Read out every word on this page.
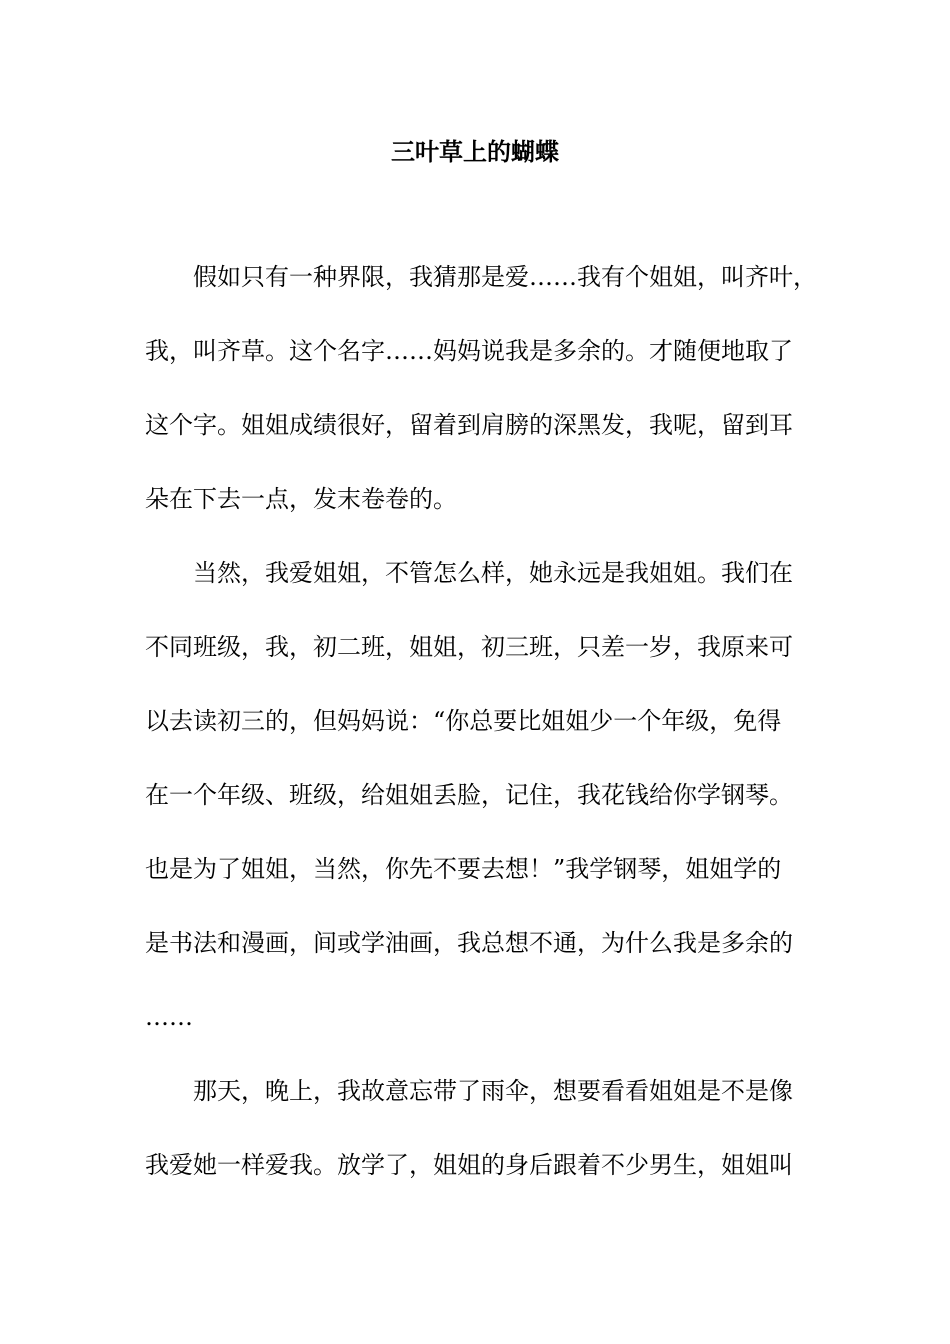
三叶草上的蝴蝶
假如只有一种界限，我猜那是爱……我有个姐姐，叫齐叶，
我，叫齐草。这个名字……妈妈说我是多余的。才随便地取了
这个字。姐姐成绩很好，留着到肩膀的深黑发，我呢，留到耳
朵在下去一点，发末卷卷的。
当然，我爱姐姐，不管怎么样，她永远是我姐姐。我们在
不同班级，我，初二班，姐姐，初三班，只差一岁，我原来可
以去读初三的，但妈妈说：“你总要比姐姐少一个年级，免得
在一个年级、班级，给姐姐丢脸，记住，我花钱给你学钢琴。
也是为了姐姐，当然，你先不要去想！”我学钢琴，姐姐学的
是书法和漫画，间或学油画，我总想不通，为什么我是多余的
……
那天，晚上，我故意忘带了雨伞，想要看看姐姐是不是像
我爱她一样爱我。放学了，姐姐的身后跟着不少男生，姐姐叫
